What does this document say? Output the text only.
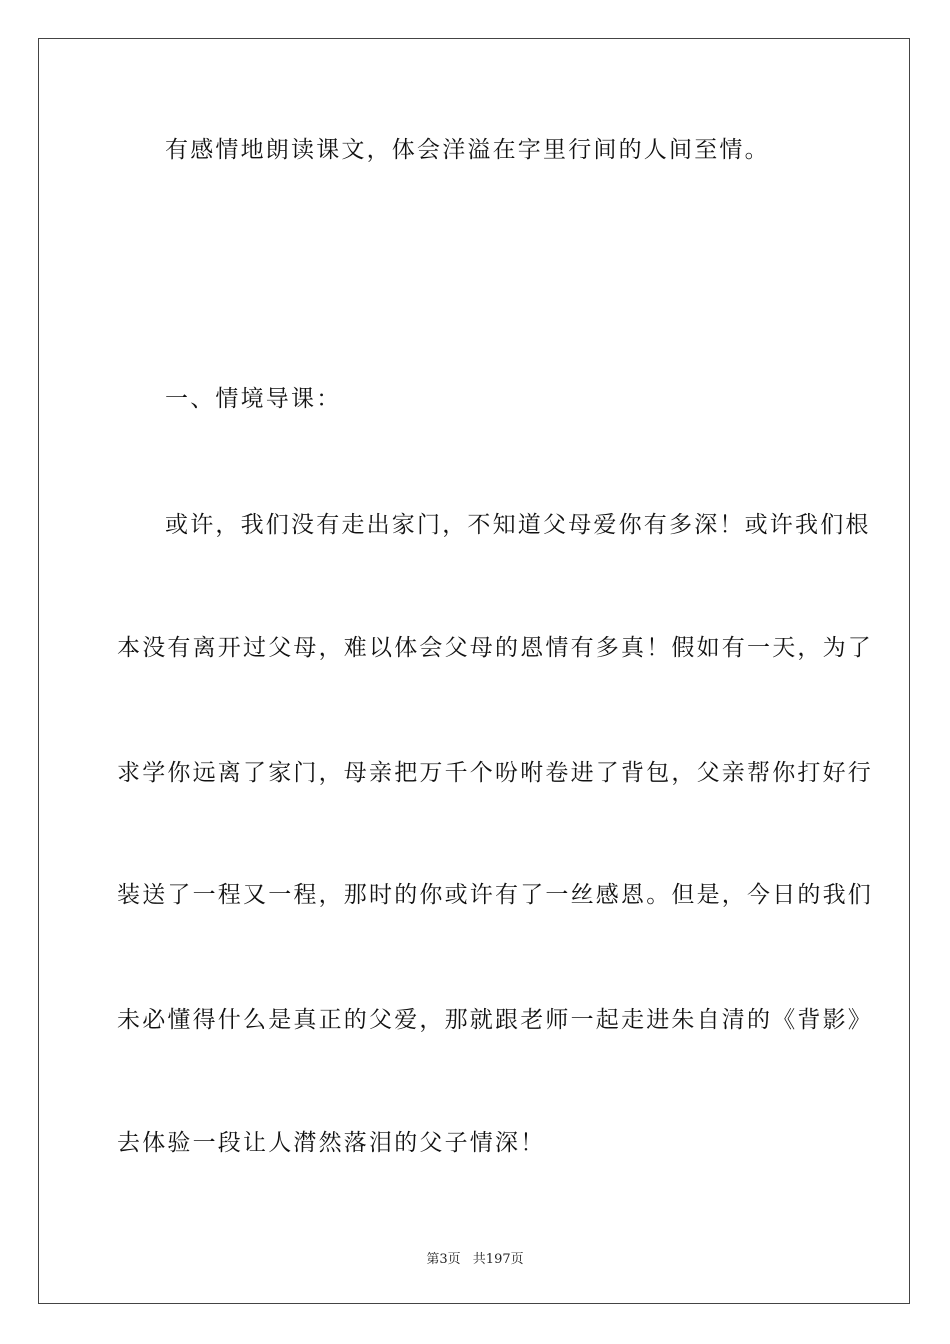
有感情地朗读课文，体会洋溢在字里行间的人间至情。
一、情境导课：
或许，我们没有走出家门，不知道父母爱你有多深！或许我们根
本没有离开过父母，难以体会父母的恩情有多真！假如有一天，为了
求学你远离了家门，母亲把万千个吩咐卷进了背包，父亲帮你打好行
装送了一程又一程，那时的你或许有了一丝感恩。但是，今日的我们
未必懂得什么是真正的父爱，那就跟老师一起走进朱自清的《背影》
去体验一段让人潸然落泪的父子情深！
第3页 共197页
